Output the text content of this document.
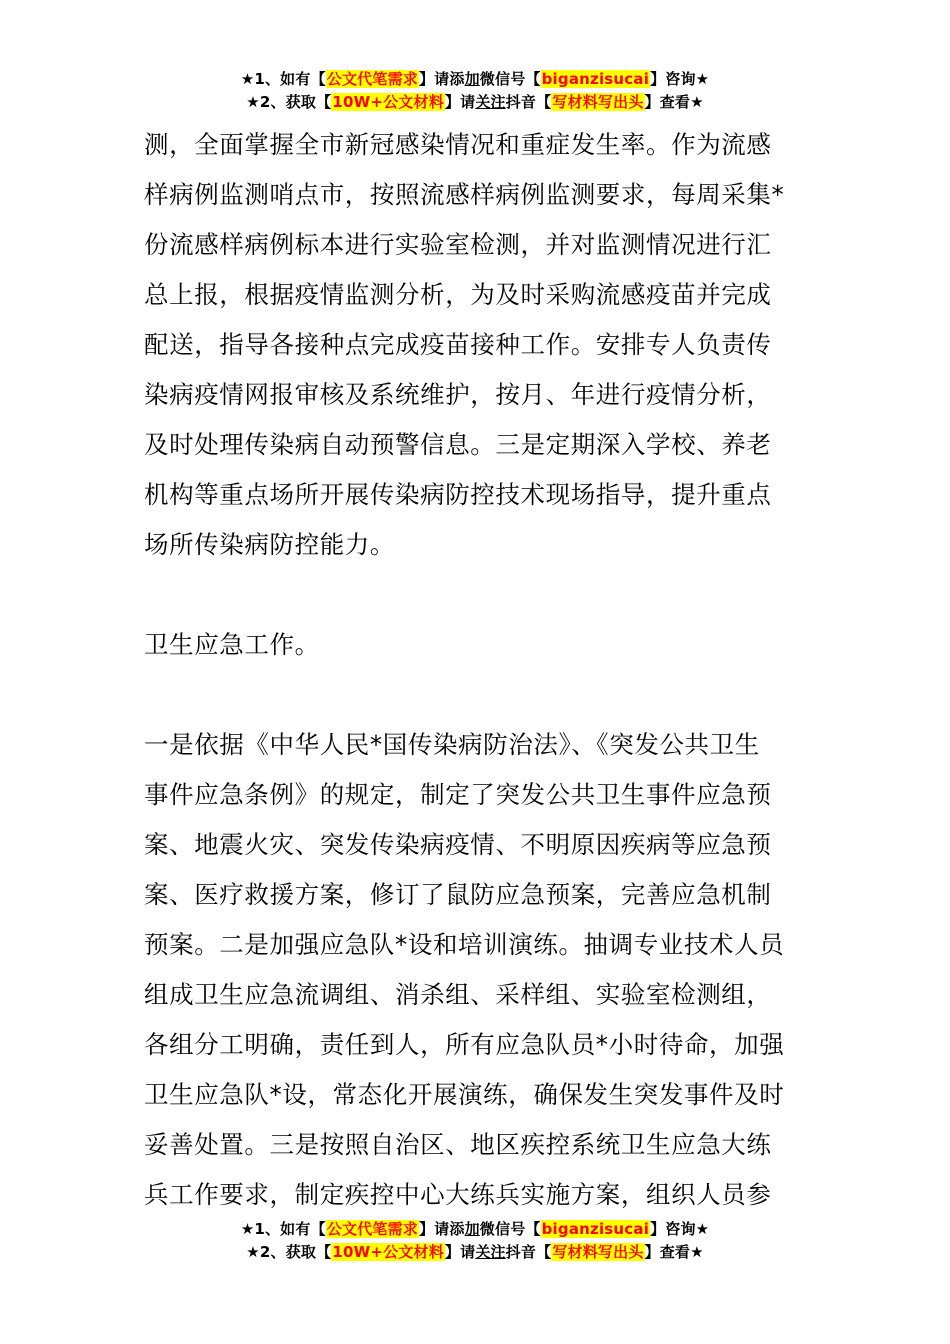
★1、如有【公文代笔需求】请添加微信号【biganzisucai】咨询★
★2、获取【10W+公文材料】请关注抖音【写材料写出头】查看★

测，全面掌握全市新冠感染情况和重症发生率。作为流感

样病例监测哨点市，按照流感样病例监测要求，每周采集*

份流感样病例标本进行实验室检测，并对监测情况进行汇

总上报，根据疫情监测分析，为及时采购流感疫苗并完成

配送，指导各接种点完成疫苗接种工作。安排专人负责传

染病疫情网报审核及系统维护，按月、年进行疫情分析，

及时处理传染病自动预警信息。三是定期深入学校、养老

机构等重点场所开展传染病防控技术现场指导，提升重点

场所传染病防控能力。

卫生应急工作。

一是依据《中华人民*国传染病防治法》、《突发公共卫生

事件应急条例》的规定，制定了突发公共卫生事件应急预

案、地震火灾、突发传染病疫情、不明原因疾病等应急预

案、医疗救援方案，修订了鼠防应急预案，完善应急机制

预案。二是加强应急队*设和培训演练。抽调专业技术人员

组成卫生应急流调组、消杀组、采样组、实验室检测组，

各组分工明确，责任到人，所有应急队员*小时待命，加强

卫生应急队*设，常态化开展演练，确保发生突发事件及时

妥善处置。三是按照自治区、地区疾控系统卫生应急大练

兵工作要求，制定疾控中心大练兵实施方案，组织人员参

★1、如有【公文代笔需求】请添加微信号【biganzisucai】咨询★
★2、获取【10W+公文材料】请关注抖音【写材料写出头】查看★
